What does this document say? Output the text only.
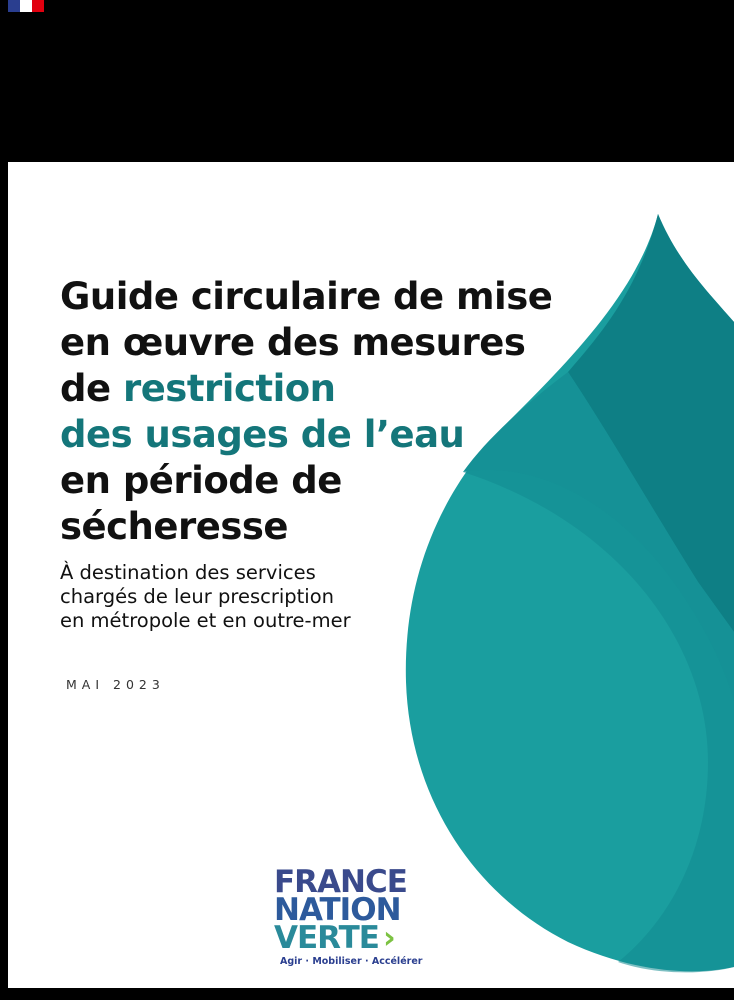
Guide circulaire de mise
en œuvre des mesures
de restriction
des usages de l’eau
en période de
sécheresse
À destination des services
chargés de leur prescription
en métropole et en outre-mer
MAI 2023
FRANCE
NATION
VERTE ›
Agir · Mobiliser · Accélérer
